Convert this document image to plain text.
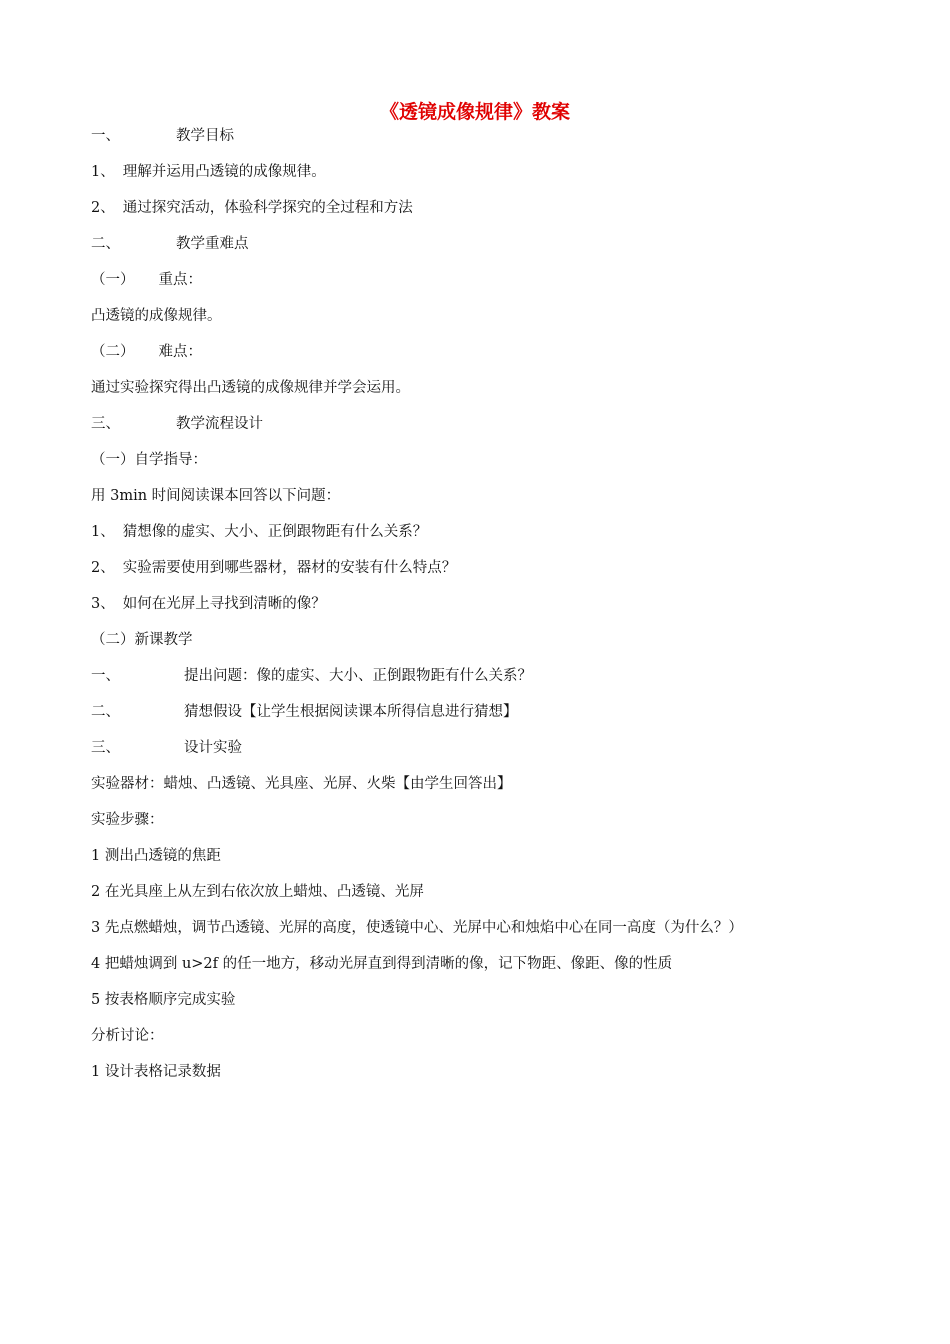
《透镜成像规律》教案
一、	教学目标
1、 理解并运用凸透镜的成像规律。
2、 通过探究活动，体验科学探究的全过程和方法
二、	教学重难点
（一） 重点：
凸透镜的成像规律。
（二） 难点：
通过实验探究得出凸透镜的成像规律并学会运用。
三、	教学流程设计
（一）自学指导：
用 3min 时间阅读课本回答以下问题：
1、 猜想像的虚实、大小、正倒跟物距有什么关系？
2、 实验需要使用到哪些器材，器材的安装有什么特点？
3、 如何在光屏上寻找到清晰的像？
（二）新课教学
一、	提出问题：像的虚实、大小、正倒跟物距有什么关系？
二、	猜想假设【让学生根据阅读课本所得信息进行猜想】
三、	设计实验
实验器材：蜡烛、凸透镜、光具座、光屏、火柴【由学生回答出】
实验步骤：
1 测出凸透镜的焦距
2 在光具座上从左到右依次放上蜡烛、凸透镜、光屏
3 先点燃蜡烛，调节凸透镜、光屏的高度，使透镜中心、光屏中心和烛焰中心在同一高度（为什么？）
4 把蜡烛调到 u>2f 的任一地方，移动光屏直到得到清晰的像，记下物距、像距、像的性质
5 按表格顺序完成实验
分析讨论：
1 设计表格记录数据
